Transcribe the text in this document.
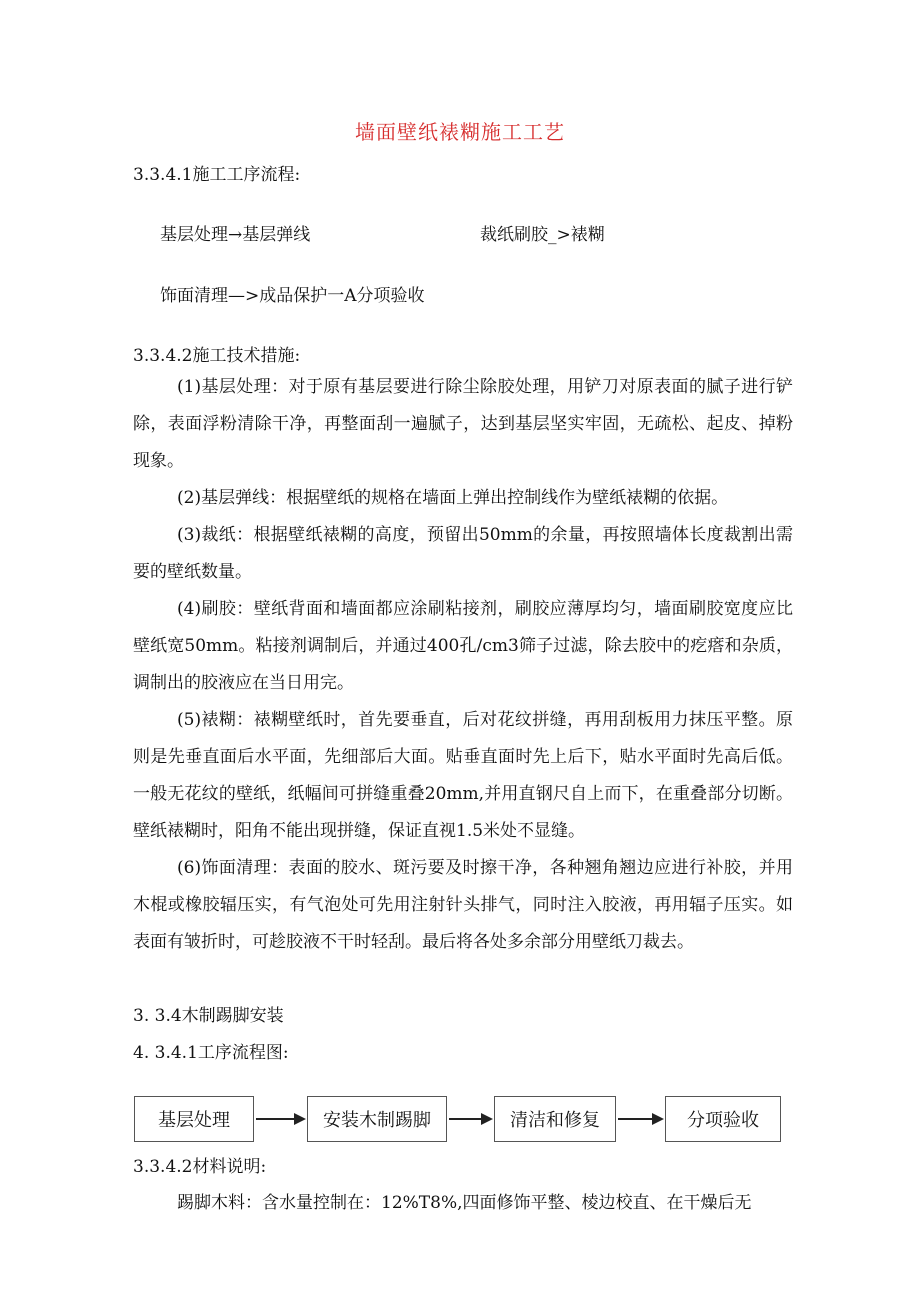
墙面壁纸裱糊施工工艺
3.3.4.1施工工序流程:
基层处理→基层弹线	裁纸刷胶_>裱糊
饰面清理—>成品保护一A分项验收
3.3.4.2施工技术措施:
(1)基层处理：对于原有基层要进行除尘除胶处理，用铲刀对原表面的腻子进行铲除，表面浮粉清除干净，再整面刮一遍腻子，达到基层坚实牢固，无疏松、起皮、掉粉现象。
(2)基层弹线：根据壁纸的规格在墙面上弹出控制线作为壁纸裱糊的依据。
(3)裁纸：根据壁纸裱糊的高度，预留出50mm的余量，再按照墙体长度裁割出需要的壁纸数量。
(4)刷胶：壁纸背面和墙面都应涂刷粘接剂，刷胶应薄厚均匀，墙面刷胶宽度应比壁纸宽50mm。粘接剂调制后，并通过400孔/cm3筛子过滤，除去胶中的疙瘩和杂质，调制出的胶液应在当日用完。
(5)裱糊：裱糊壁纸时，首先要垂直，后对花纹拼缝，再用刮板用力抹压平整。原则是先垂直面后水平面，先细部后大面。贴垂直面时先上后下，贴水平面时先高后低。一般无花纹的壁纸，纸幅间可拼缝重叠20mm,并用直钢尺自上而下，在重叠部分切断。壁纸裱糊时，阳角不能出现拼缝，保证直视1.5米处不显缝。
(6)饰面清理：表面的胶水、斑污要及时擦干净，各种翘角翘边应进行补胶，并用木棍或橡胶辐压实，有气泡处可先用注射针头排气，同时注入胶液，再用辐子压实。如表面有皱折时，可趁胶液不干时轻刮。最后将各处多余部分用壁纸刀裁去。
3. 3.4木制踢脚安装
4. 3.4.1工序流程图:
基层处理	安装木制踢脚	清洁和修复	分项验收
3.3.4.2材料说明:
踢脚木料：含水量控制在：12%T8%,四面修饰平整、棱边校直、在干燥后无
